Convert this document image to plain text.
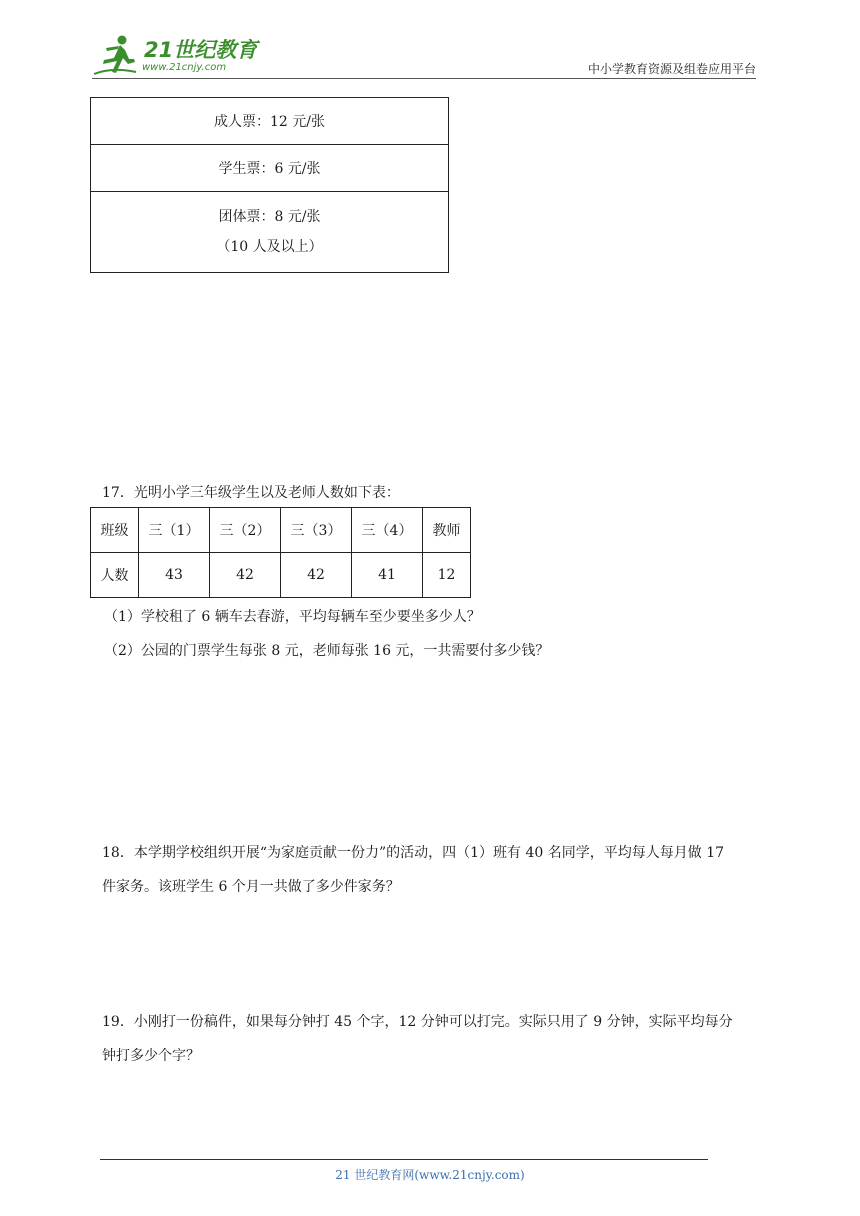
21世纪教育
www.21cnjy.com	中小学教育资源及组卷应用平台
成人票：12 元/张
学生票：6 元/张

团体票：8 元/张
（10 人及以上）
17．光明小学三年级学生以及老师人数如下表：
班级	三（1）	三（2）	三（3）	三（4）	教师
人数	43	42	42	41	12
（1）学校租了 6 辆车去春游，平均每辆车至少要坐多少人？
（2）公园的门票学生每张 8 元，老师每张 16 元，一共需要付多少钱？
18．本学期学校组织开展“为家庭贡献一份力”的活动，四（1）班有 40 名同学，平均每人每月做 17
件家务。该班学生 6 个月一共做了多少件家务？
19．小刚打一份稿件，如果每分钟打 45 个字，12 分钟可以打完。实际只用了 9 分钟，实际平均每分
钟打多少个字？
21 世纪教育网(www.21cnjy.com)
